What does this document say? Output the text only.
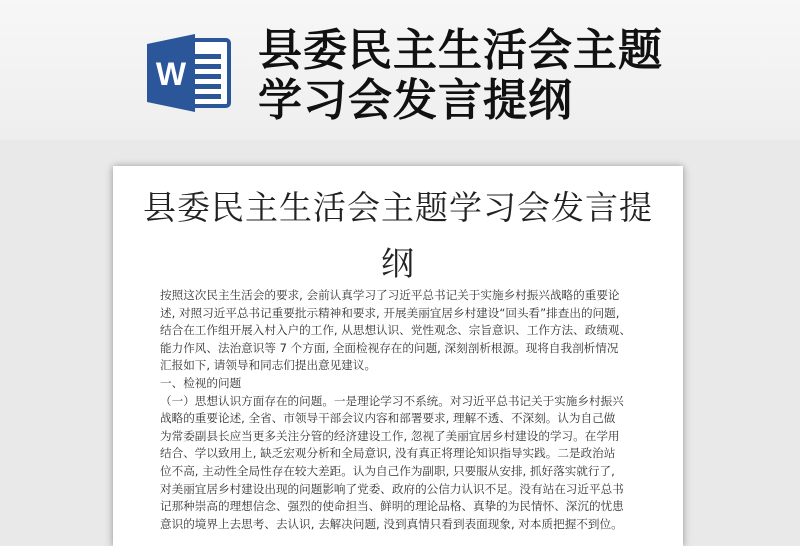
W 县委民主生活会主题
学习会发言提纲
县委民主生活会主题学习会发言提
纲
按照这次民主生活会的要求, 会前认真学习了习近平总书记关于实施乡村振兴战略的重要论
述, 对照习近平总书记重要批示精神和要求, 开展美丽宜居乡村建设“回头看”排查出的问题,
结合在工作组开展入村入户的工作, 从思想认识、党性观念、宗旨意识、工作方法、政绩观、
能力作风、法治意识等 7 个方面, 全面检视存在的问题, 深刻剖析根源。现将自我剖析情况
汇报如下, 请领导和同志们提出意见建议。
一、检视的问题
（一）思想认识方面存在的问题。一是理论学习不系统。对习近平总书记关于实施乡村振兴
战略的重要论述, 全省、市领导干部会议内容和部署要求, 理解不透、不深刻。认为自己做
为常委副县长应当更多关注分管的经济建设工作, 忽视了美丽宜居乡村建设的学习。在学用
结合、学以致用上, 缺乏宏观分析和全局意识, 没有真正将理论知识指导实践。二是政治站
位不高, 主动性全局性存在较大差距。认为自己作为副职, 只要服从安排, 抓好落实就行了,
对美丽宜居乡村建设出现的问题影响了党委、政府的公信力认识不足。没有站在习近平总书
记那种崇高的理想信念、强烈的使命担当、鲜明的理论品格、真挚的为民情怀、深沉的忧患
意识的境界上去思考、去认识, 去解决问题, 没到真情只看到表面现象, 对本质把握不到位。
